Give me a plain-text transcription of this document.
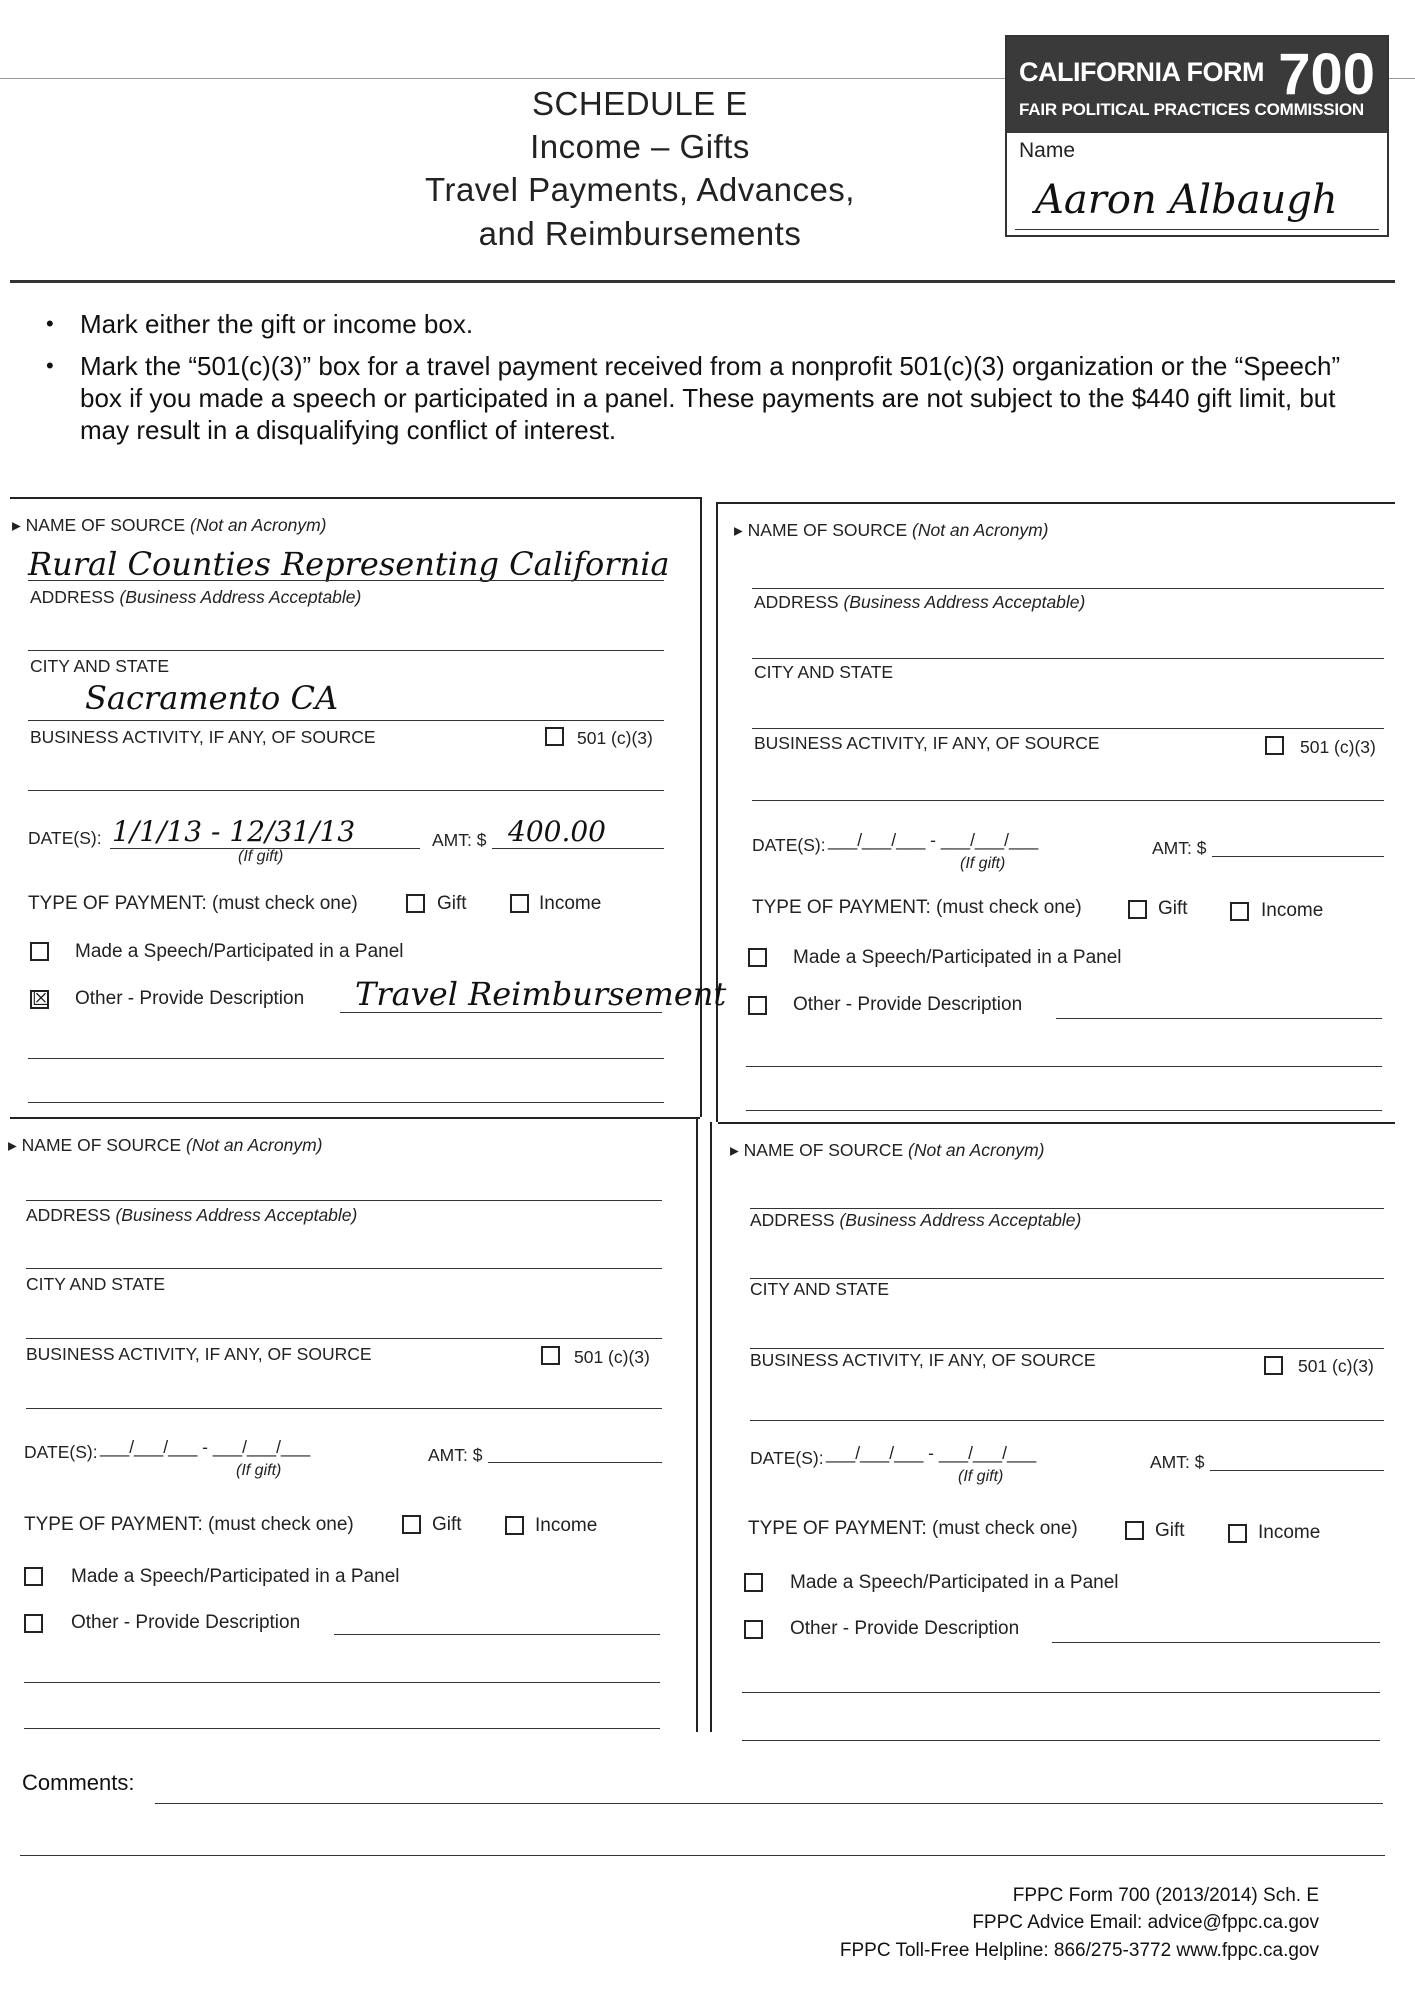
SCHEDULE E
Income – Gifts
Travel Payments, Advances,
and Reimbursements
CALIFORNIA FORM 700
FAIR POLITICAL PRACTICES COMMISSION
Name
Aaron Albaugh
• Mark either the gift or income box.
• Mark the “501(c)(3)” box for a travel payment received from a nonprofit 501(c)(3) organization or the “Speech” box if you made a speech or participated in a panel. These payments are not subject to the $440 gift limit, but may result in a disqualifying conflict of interest.
▸ NAME OF SOURCE (Not an Acronym)
Rural Counties Representing California
ADDRESS (Business Address Acceptable)
CITY AND STATE
Sacramento CA
BUSINESS ACTIVITY, IF ANY, OF SOURCE	501 (c)(3)
DATE(S): 1/1/13 - 12/31/13
(If gift)
AMT: $ 400.00
TYPE OF PAYMENT: (must check one)	Gift	Income
Made a Speech/Participated in a Panel
☒ Other - Provide Description Travel Reimbursement
▸ NAME OF SOURCE (Not an Acronym)
ADDRESS (Business Address Acceptable)
CITY AND STATE
BUSINESS ACTIVITY, IF ANY, OF SOURCE	501 (c)(3)
DATE(S): ___/___/___ - ___/___/___
(If gift)
AMT: $
TYPE OF PAYMENT: (must check one)	Gift	Income
Made a Speech/Participated in a Panel
Other - Provide Description
▸ NAME OF SOURCE (Not an Acronym)
ADDRESS (Business Address Acceptable)
CITY AND STATE
BUSINESS ACTIVITY, IF ANY, OF SOURCE	501 (c)(3)
DATE(S): ___/___/___ - ___/___/___
(If gift)
AMT: $
TYPE OF PAYMENT: (must check one)	Gift	Income
Made a Speech/Participated in a Panel
Other - Provide Description
▸ NAME OF SOURCE (Not an Acronym)
ADDRESS (Business Address Acceptable)
CITY AND STATE
BUSINESS ACTIVITY, IF ANY, OF SOURCE	501 (c)(3)
DATE(S): ___/___/___ - ___/___/___
(If gift)
AMT: $
TYPE OF PAYMENT: (must check one)	Gift	Income
Made a Speech/Participated in a Panel
Other - Provide Description
Comments:
FPPC Form 700 (2013/2014) Sch. E
FPPC Advice Email: advice@fppc.ca.gov
FPPC Toll-Free Helpline: 866/275-3772 www.fppc.ca.gov
